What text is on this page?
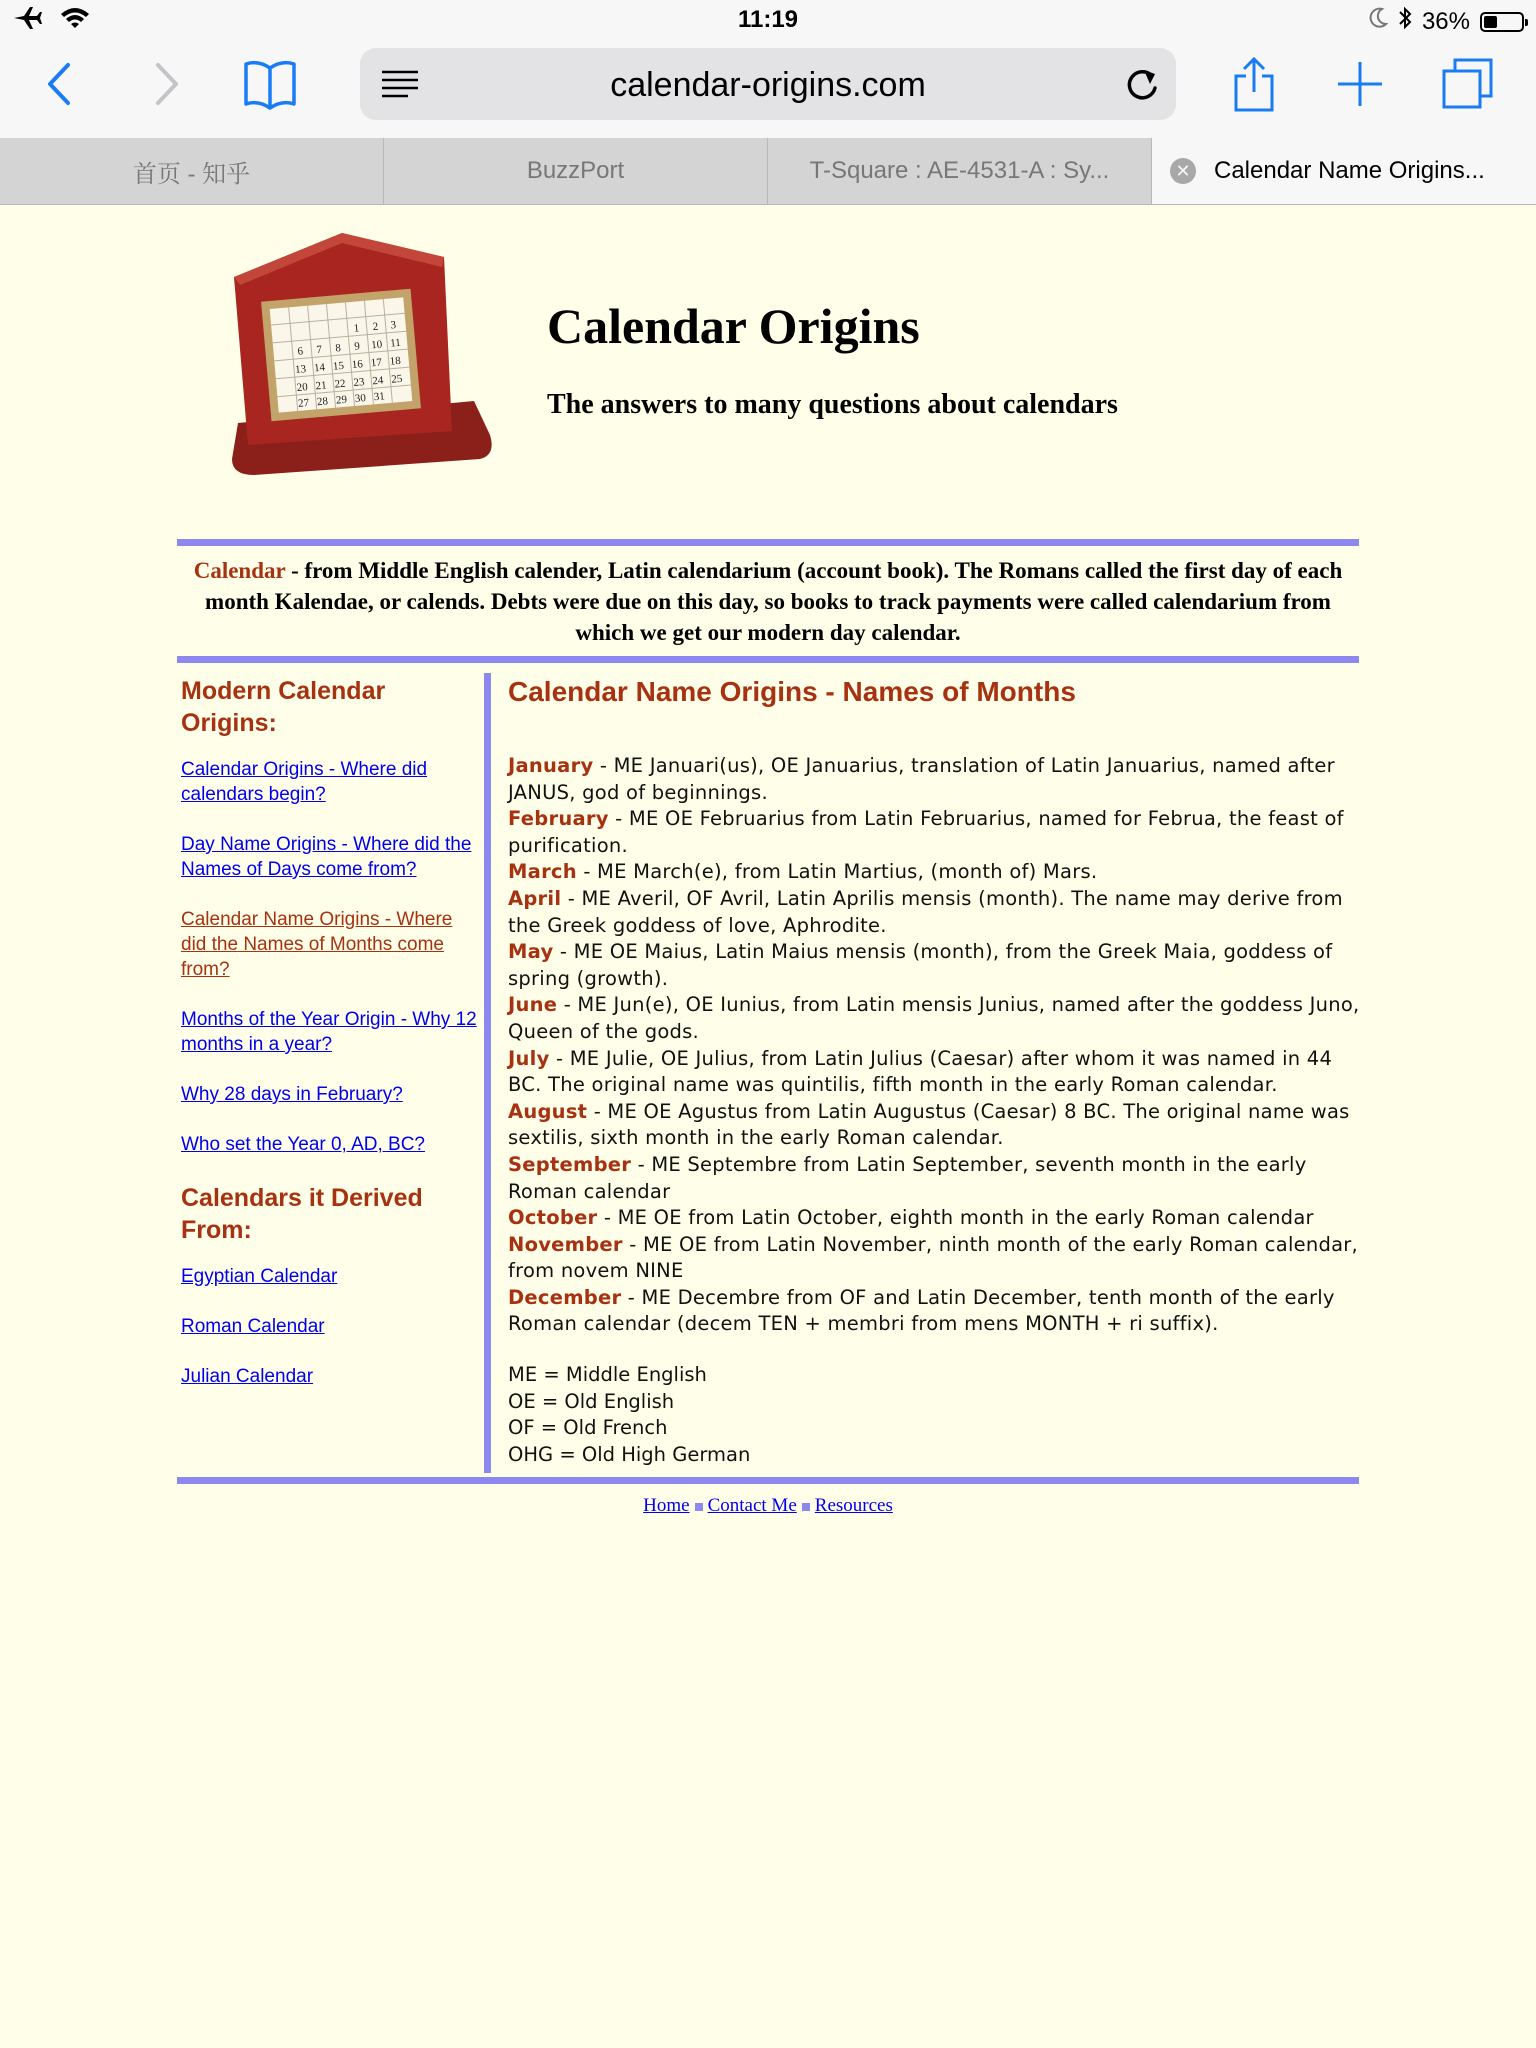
11:19	36%
calendar-origins.com
首页 - 知乎	BuzzPort	T-Square : AE-4531-A : Sy...	✕ Calendar Name Origins...
1 2 3
6 7 8 9 10 11
13 14 15 16 17 18
20 21 22 23 24 25
27 28 29 30 31
Calendar Origins
The answers to many questions about calendars
Calendar - from Middle English calender, Latin calendarium (account book). The Romans called the first day of each month Kalendae, or calends. Debts were due on this day, so books to track payments were called calendarium from which we get our modern day calendar.
Modern Calendar Origins:
Calendar Origins - Where did calendars begin?
Day Name Origins - Where did the Names of Days come from?
Calendar Name Origins - Where did the Names of Months come from?
Months of the Year Origin - Why 12 months in a year?
Why 28 days in February?
Who set the Year 0, AD, BC?
Calendars it Derived From:
Egyptian Calendar
Roman Calendar
Julian Calendar
Calendar Name Origins - Names of Months

January - ME Januari(us), OE Januarius, translation of Latin Januarius, named after JANUS, god of beginnings.

February - ME OE Februarius from Latin Februarius, named for Februa, the feast of purification.

March - ME March(e), from Latin Martius, (month of) Mars.

April - ME Averil, OF Avril, Latin Aprilis mensis (month). The name may derive from the Greek goddess of love, Aphrodite.

May - ME OE Maius, Latin Maius mensis (month), from the Greek Maia, goddess of spring (growth).

June - ME Jun(e), OE Iunius, from Latin mensis Junius, named after the goddess Juno, Queen of the gods.

July - ME Julie, OE Julius, from Latin Julius (Caesar) after whom it was named in 44 BC. The original name was quintilis, fifth month in the early Roman calendar.

August - ME OE Agustus from Latin Augustus (Caesar) 8 BC. The original name was sextilis, sixth month in the early Roman calendar.

September - ME Septembre from Latin September, seventh month in the early Roman calendar

October - ME OE from Latin October, eighth month in the early Roman calendar

November - ME OE from Latin November, ninth month of the early Roman calendar, from novem NINE

December - ME Decembre from OF and Latin December, tenth month of the early Roman calendar (decem TEN + membri from mens MONTH + ri suffix).

ME = Middle English
OE = Old English
OF = Old French
OHG = Old High German
Home Contact Me Resources
